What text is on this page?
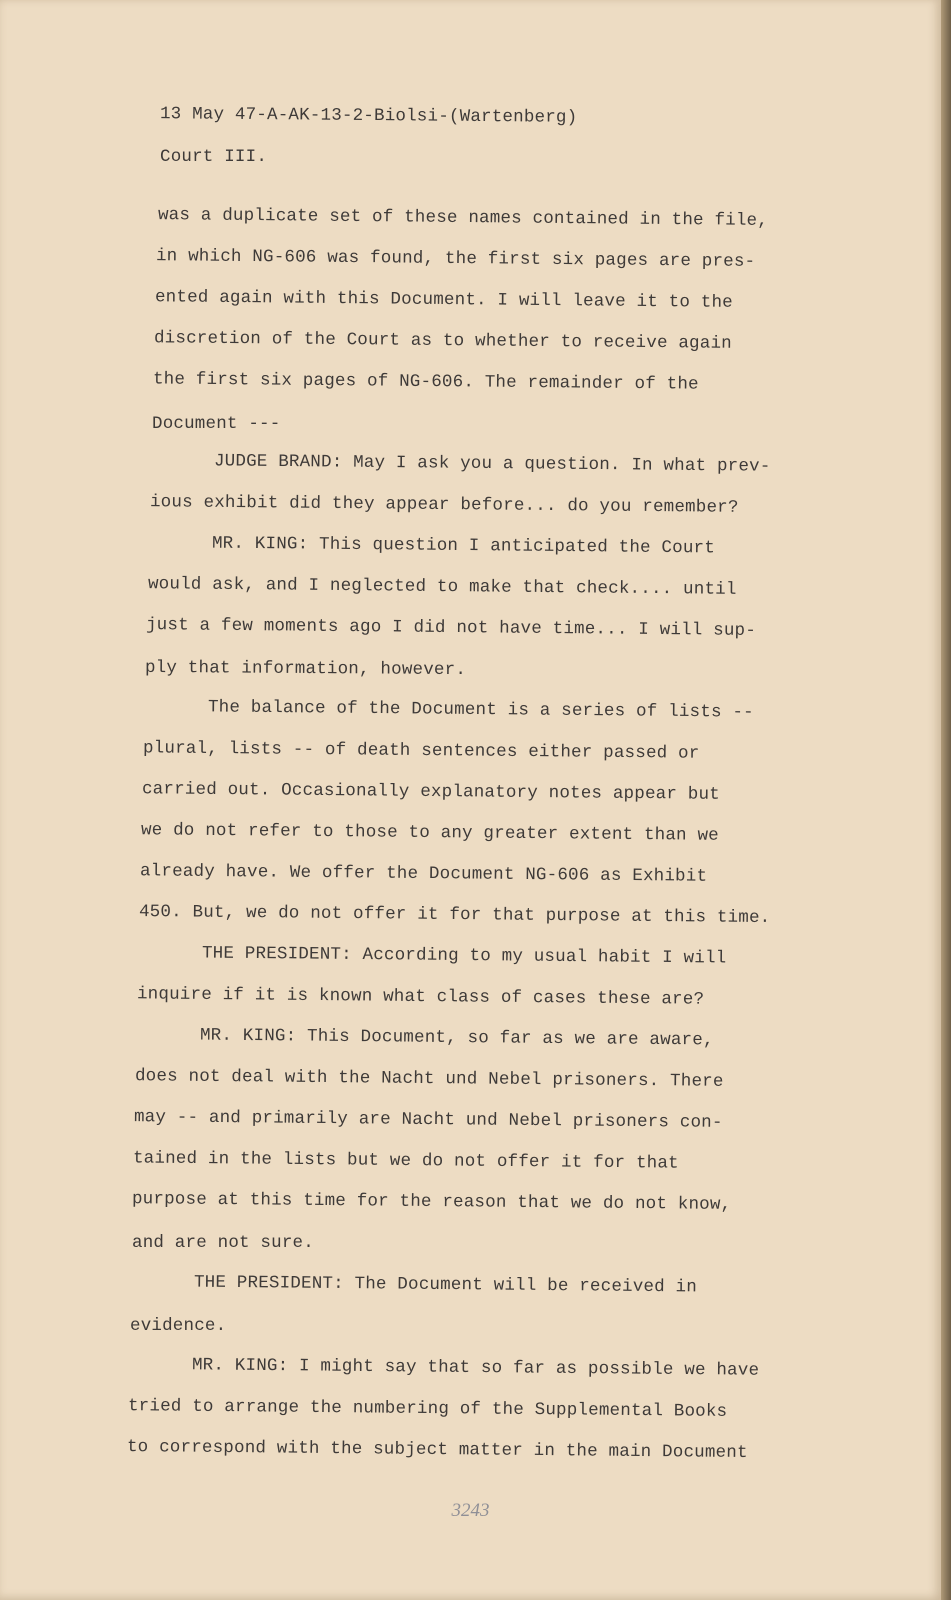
13 May 47-A-AK-13-2-Biolsi-(Wartenberg)
Court III.
was a duplicate set of these names contained in the file,
in which NG-606 was found, the first six pages are pres-
ented again with this Document. I will leave it to the
discretion of the Court as to whether to receive again
the first six pages of NG-606. The remainder of the
Document ---
JUDGE BRAND: May I ask you a question. In what prev-
ious exhibit did they appear before... do you remember?
MR. KING: This question I anticipated the Court
would ask, and I neglected to make that check.... until
just a few moments ago I did not have time... I will sup-
ply that information, however.
The balance of the Document is a series of lists --
plural, lists -- of death sentences either passed or
carried out. Occasionally explanatory notes appear but
we do not refer to those to any greater extent than we
already have. We offer the Document NG-606 as Exhibit
450. But, we do not offer it for that purpose at this time.
THE PRESIDENT: According to my usual habit I will
inquire if it is known what class of cases these are?
MR. KING: This Document, so far as we are aware,
does not deal with the Nacht und Nebel prisoners. There
may -- and primarily are Nacht und Nebel prisoners con-
tained in the lists but we do not offer it for that
purpose at this time for the reason that we do not know,
and are not sure.
THE PRESIDENT: The Document will be received in
evidence.
MR. KING: I might say that so far as possible we have
tried to arrange the numbering of the Supplemental Books
to correspond with the subject matter in the main Document
3243
